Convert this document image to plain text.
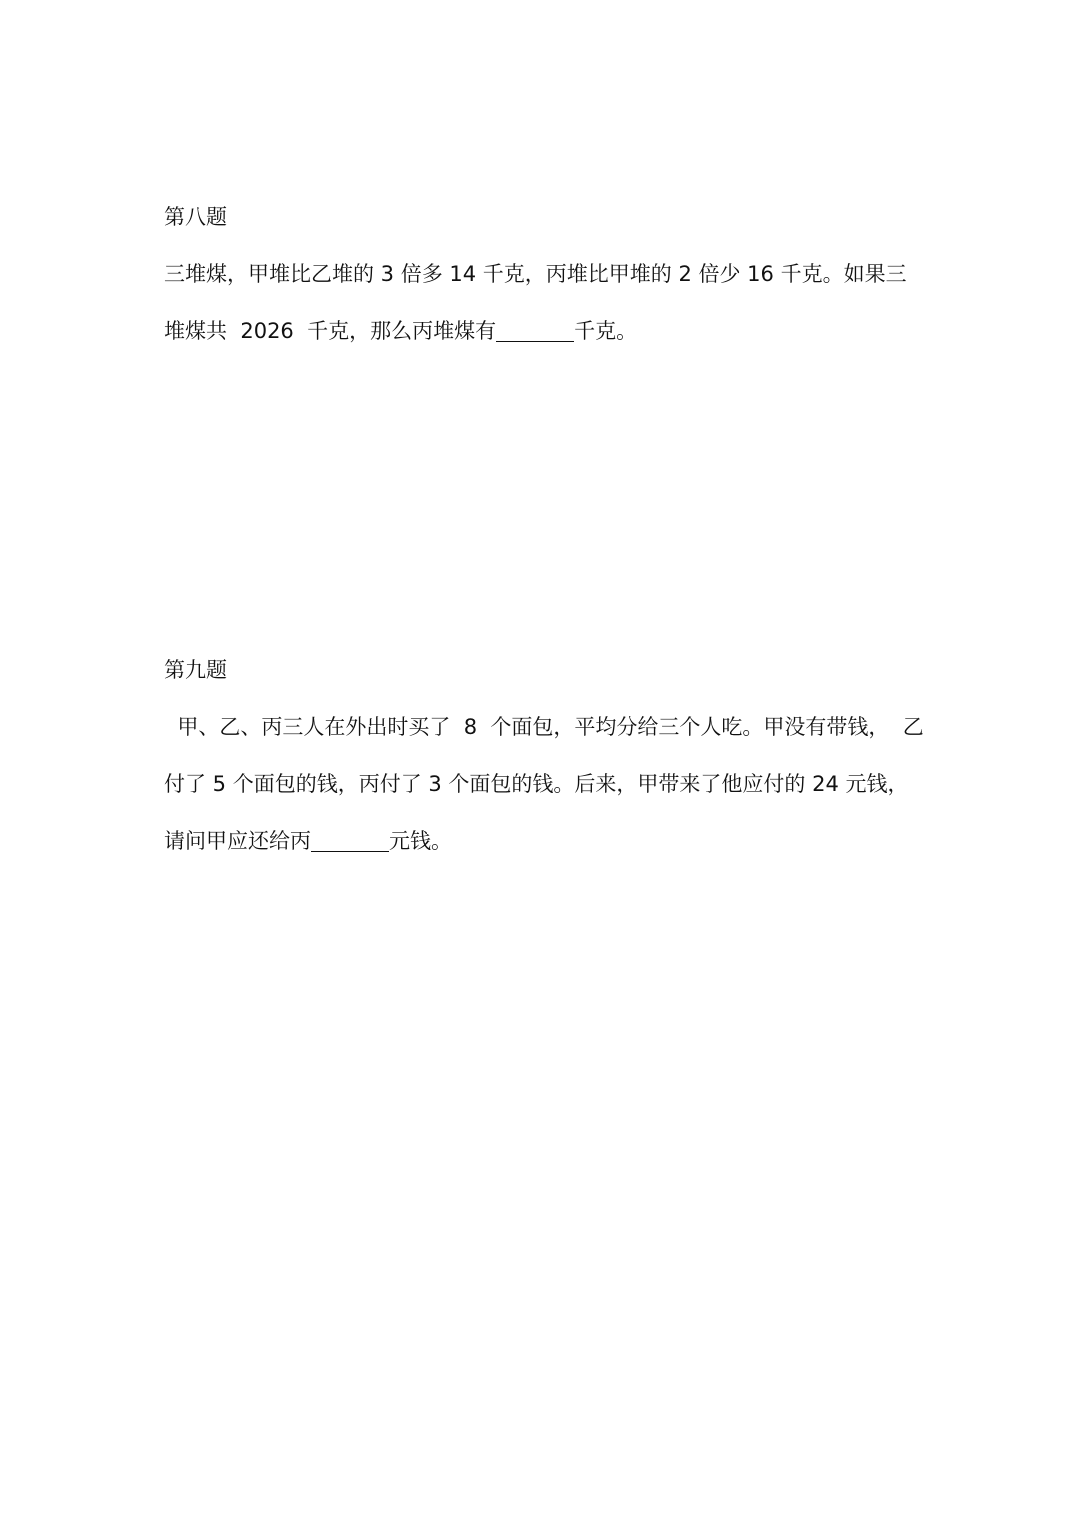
第八题

三堆煤，甲堆比乙堆的 3 倍多 14 千克，丙堆比甲堆的 2 倍少 16 千克。如果三

堆煤共  2026  千克，那么丙堆煤有	千克。

第九题

甲、乙、丙三人在外出时买了  8  个面包，平均分给三个人吃。甲没有带钱，  乙

付了 5 个面包的钱，丙付了 3 个面包的钱。后来，甲带来了他应付的 24 元钱，

请问甲应还给丙	元钱。
